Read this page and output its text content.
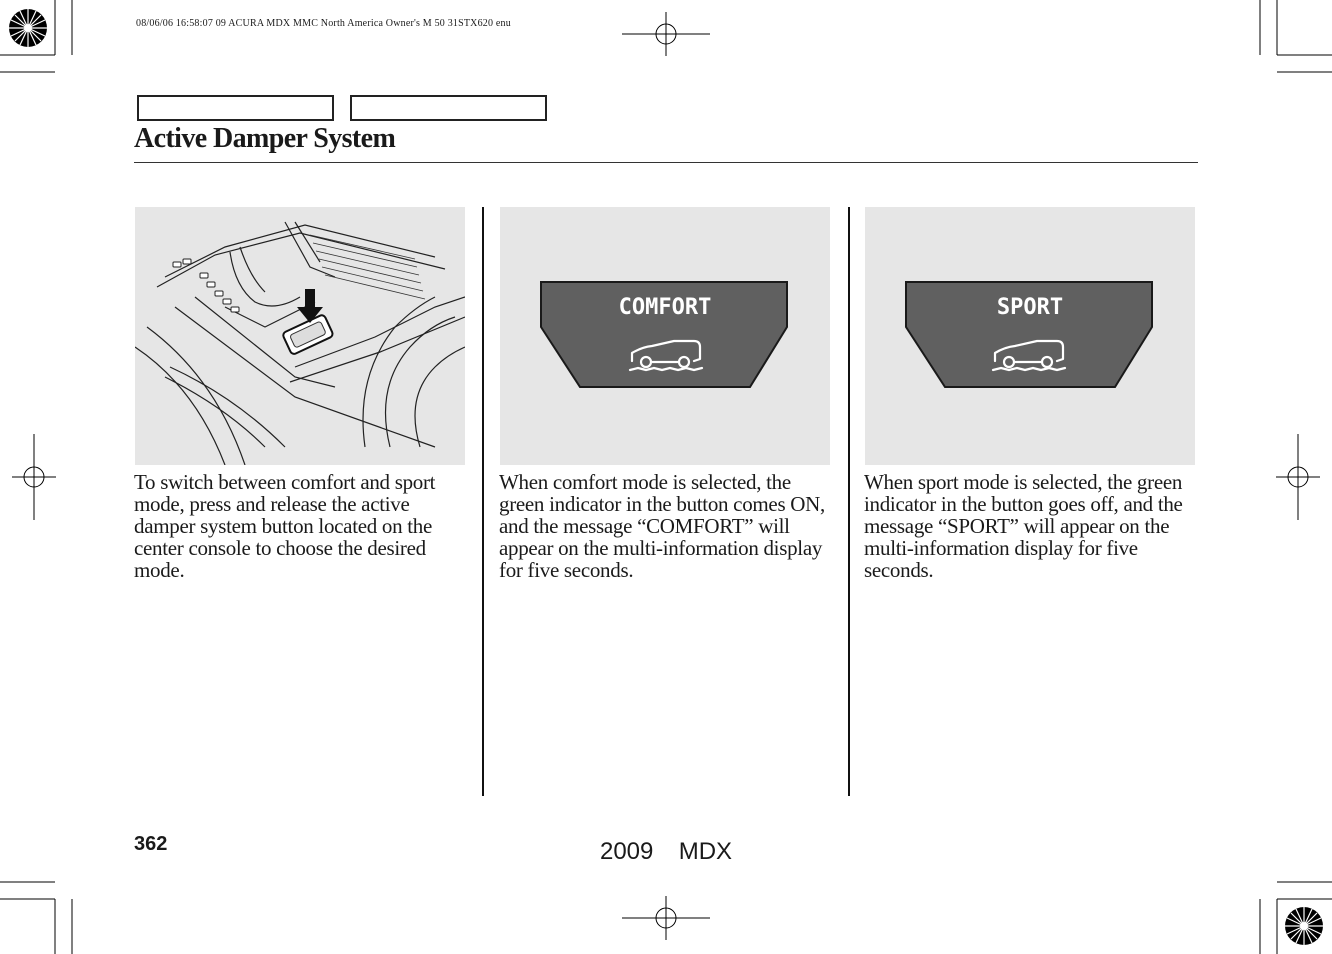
08/06/06 16:58:07 09 ACURA MDX MMC North America Owner's M 50 31STX620 enu
Active Damper System
COMFORT	SPORT
To switch between comfort and sport mode, press and release the active damper system button located on the center console to choose the desired mode.
When comfort mode is selected, the green indicator in the button comes ON, and the message “COMFORT” will appear on the multi-information display for five seconds.
When sport mode is selected, the green indicator in the button goes off, and the message “SPORT” will appear on the multi-information display for five seconds.
362	2009  MDX
